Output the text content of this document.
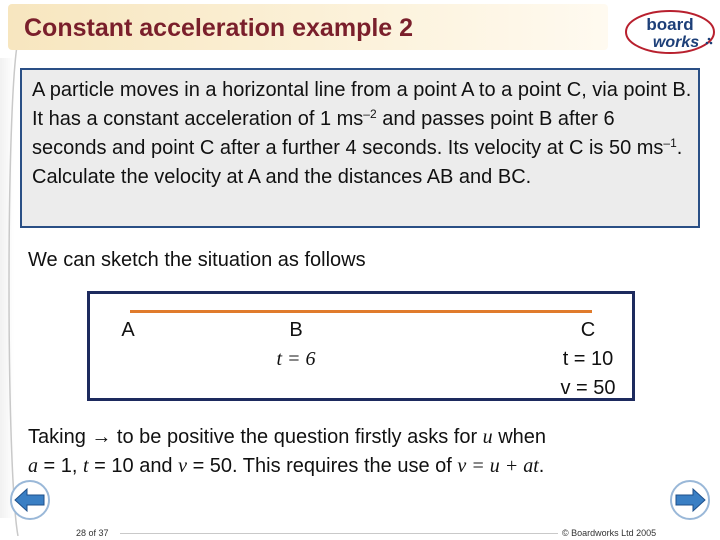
Constant acceleration example 2	board
works
A particle moves in a horizontal line from a point A to a point C, via point B. It has a constant acceleration of 1 $ms^{-2}$ and passes point B after 6 seconds and point C after a further 4 seconds. Its velocity at C is 50 $ms^{-1}$. Calculate the velocity at A and the distances AB and BC.
We can sketch the situation as follows
A	B
t = 6
C
t = 10
v = 50
Taking → to be positive the question firstly asks for u when
a = 1, t = 10 and v = 50. This requires the use of v = u + at.
28 of 37	© Boardworks Ltd 2005
